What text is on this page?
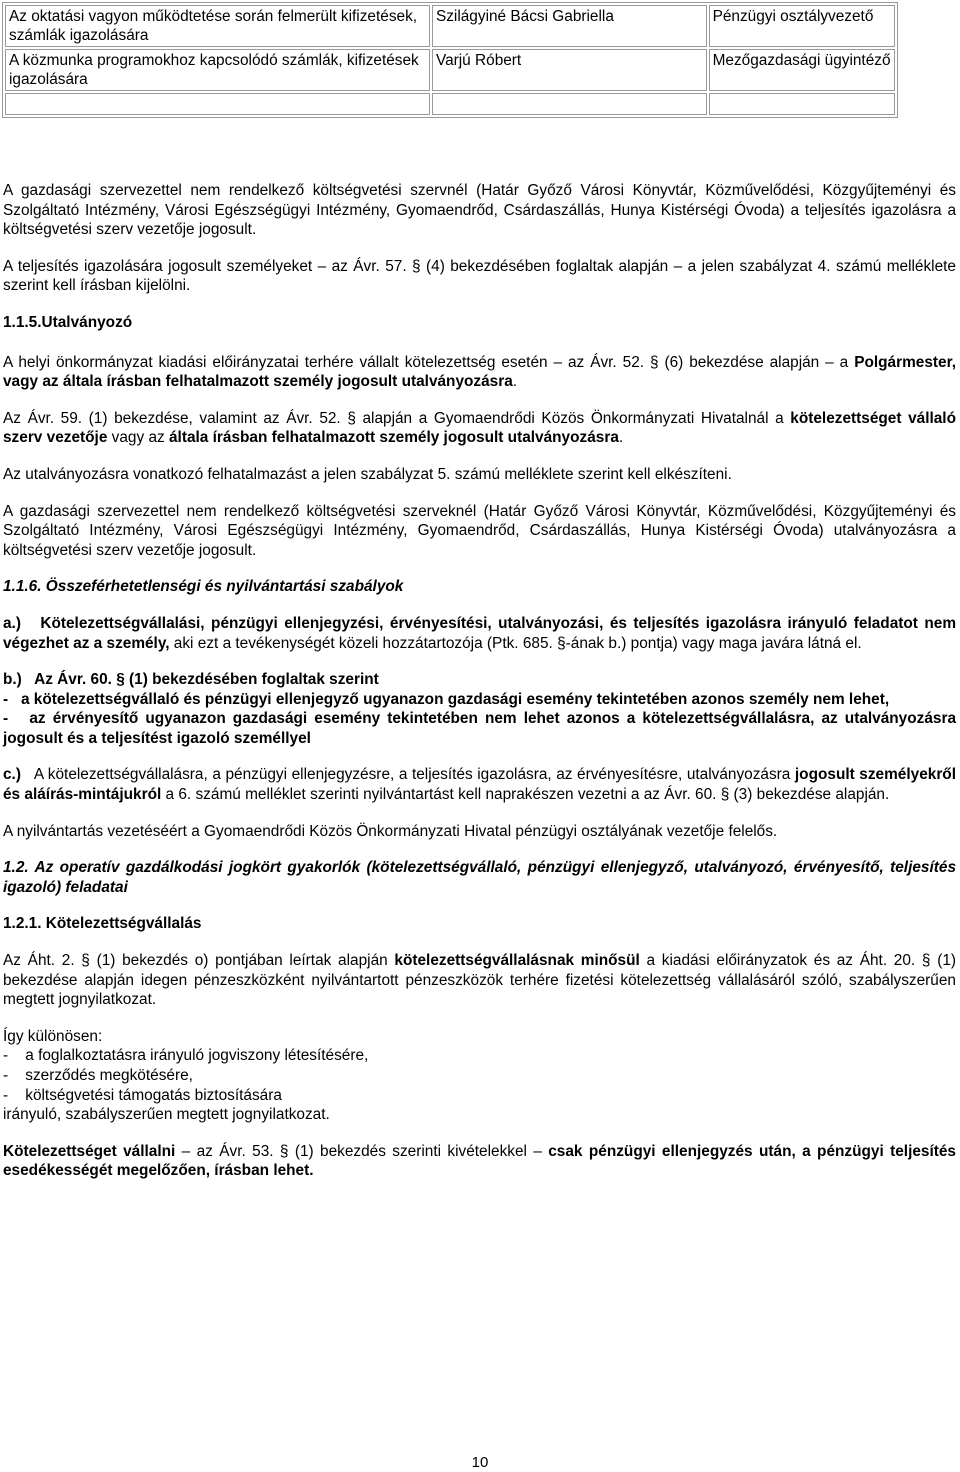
Az oktatási vagyon működtetése során felmerült kifizetések, számlák igazolására	Szilágyiné Bácsi Gabriella	Pénzügyi osztályvezető
A közmunka programokhoz kapcsolódó számlák, kifizetések igazolására	Varjú Róbert	Mezőgazdasági ügyintéző

A gazdasági szervezettel nem rendelkező költségvetési szervnél (Határ Győző Városi Könyvtár, Közművelődési, Közgyűjteményi és Szolgáltató Intézmény, Városi Egészségügyi Intézmény, Gyomaendrőd, Csárdaszállás, Hunya Kistérségi Óvoda) a teljesítés igazolásra a költségvetési szerv vezetője jogosult.

A teljesítés igazolására jogosult személyeket – az Ávr. 57. § (4) bekezdésében foglaltak alapján – a jelen szabályzat 4. számú melléklete szerint kell írásban kijelölni.

1.1.5.Utalványozó

A helyi önkormányzat kiadási előirányzatai terhére vállalt kötelezettség esetén – az Ávr. 52. § (6) bekezdése alapján – a Polgármester, vagy az általa írásban felhatalmazott személy jogosult utalványozásra.

Az Ávr. 59. (1) bekezdése, valamint az Ávr. 52. § alapján a Gyomaendrődi Közös Önkormányzati Hivatalnál a kötelezettséget vállaló szerv vezetője vagy az általa írásban felhatalmazott személy jogosult utalványozásra.

Az utalványozásra vonatkozó felhatalmazást a jelen szabályzat 5. számú melléklete szerint kell elkészíteni.

A gazdasági szervezettel nem rendelkező költségvetési szerveknél (Határ Győző Városi Könyvtár, Közművelődési, Közgyűjteményi és Szolgáltató Intézmény, Városi Egészségügyi Intézmény, Gyomaendrőd, Csárdaszállás, Hunya Kistérségi Óvoda) utalványozásra a költségvetési szerv vezetője jogosult.

1.1.6. Összeférhetetlenségi és nyilvántartási szabályok

a.) Kötelezettségvállalási, pénzügyi ellenjegyzési, érvényesítési, utalványozási, és teljesítés igazolásra irányuló feladatot nem végezhet az a személy, aki ezt a tevékenységét közeli hozzátartozója (Ptk. 685. §-ának b.) pontja) vagy maga javára látná el.

b.) Az Ávr. 60. § (1) bekezdésében foglaltak szerint

- a kötelezettségvállaló és pénzügyi ellenjegyző ugyanazon gazdasági esemény tekintetében azonos személy nem lehet,

- az érvényesítő ugyanazon gazdasági esemény tekintetében nem lehet azonos a kötelezettségvállalásra, az utalványozásra jogosult és a teljesítést igazoló személlyel

c.) A kötelezettségvállalásra, a pénzügyi ellenjegyzésre, a teljesítés igazolásra, az érvényesítésre, utalványozásra jogosult személyekről és aláírás-mintájukról a 6. számú melléklet szerinti nyilvántartást kell naprakészen vezetni a az Ávr. 60. § (3) bekezdése alapján.

A nyilvántartás vezetéséért a Gyomaendrődi Közös Önkormányzati Hivatal pénzügyi osztályának vezetője felelős.

1.2. Az operatív gazdálkodási jogkört gyakorlók (kötelezettségvállaló, pénzügyi ellenjegyző, utalványozó, érvényesítő, teljesítés igazoló) feladatai

1.2.1. Kötelezettségvállalás

Az Áht. 2. § (1) bekezdés o) pontjában leírtak alapján kötelezettségvállalásnak minősül a kiadási előirányzatok és az Áht. 20. § (1) bekezdése alapján idegen pénzeszközként nyilvántartott pénzeszközök terhére fizetési kötelezettség vállalásáról szóló, szabályszerűen megtett jognyilatkozat.

Így különösen:

- a foglalkoztatásra irányuló jogviszony létesítésére,

- szerződés megkötésére,

- költségvetési támogatás biztosítására

irányuló, szabályszerűen megtett jognyilatkozat.

Kötelezettséget vállalni – az Ávr. 53. § (1) bekezdés szerinti kivételekkel – csak pénzügyi ellenjegyzés után, a pénzügyi teljesítés esedékességét megelőzően, írásban lehet.

10
